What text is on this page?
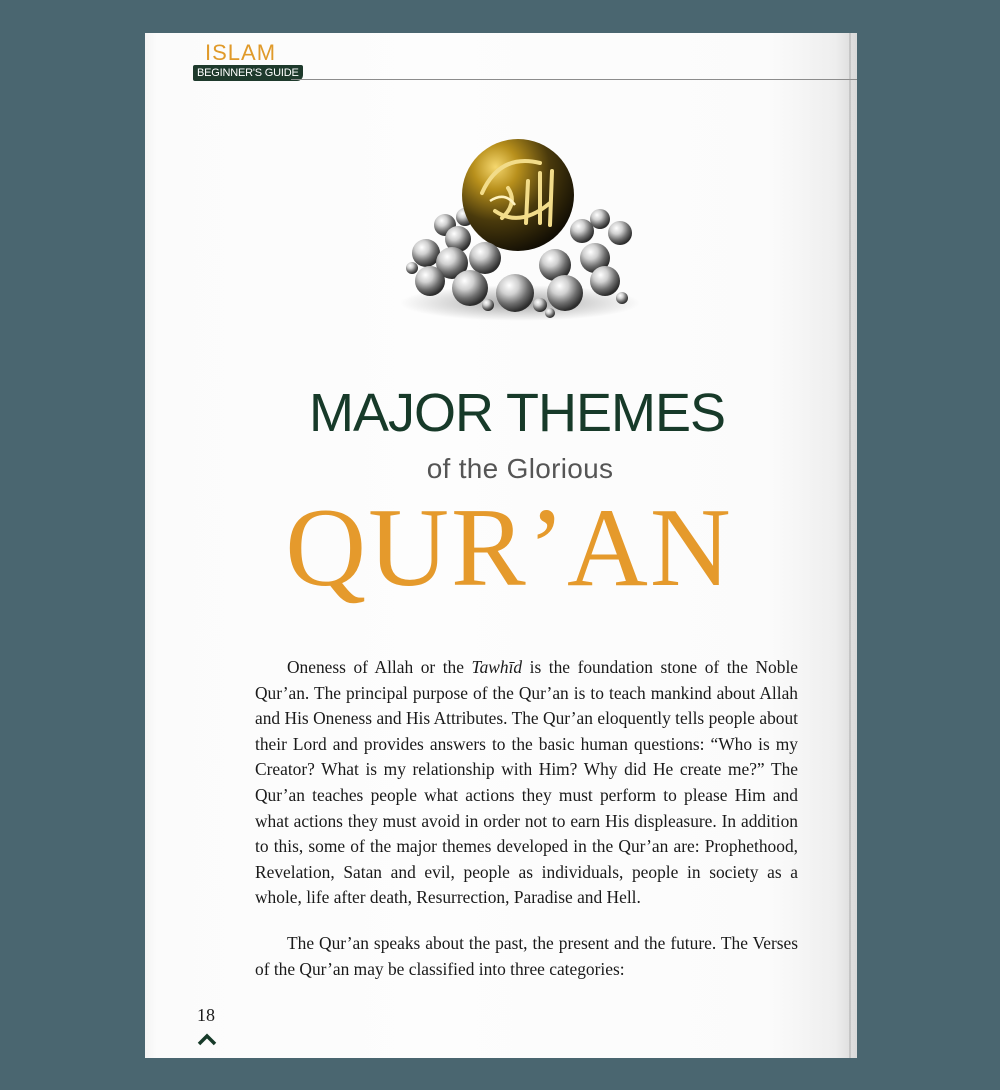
ISLAM
BEGINNER'S GUIDE
MAJOR THEMES
of the Glorious
QUR’AN

Oneness of Allah or the Tawhīd is the foundation stone of the Noble Qur’an. The principal purpose of the Qur’an is to teach mankind about Allah and His Oneness and His Attributes. The Qur’an eloquently tells people about their Lord and provides answers to the basic human questions: “Who is my Creator? What is my relationship with Him? Why did He create me?” The Qur’an teaches people what actions they must perform to please Him and what actions they must avoid in order not to earn His displeasure. In addition to this, some of the major themes developed in the Qur’an are: Prophethood, Revelation, Satan and evil, people as individuals, people in society as a whole, life after death, Resurrection, Paradise and Hell.

The Qur’an speaks about the past, the present and the future. The Verses of the Qur’an may be classified into three categories:

18
